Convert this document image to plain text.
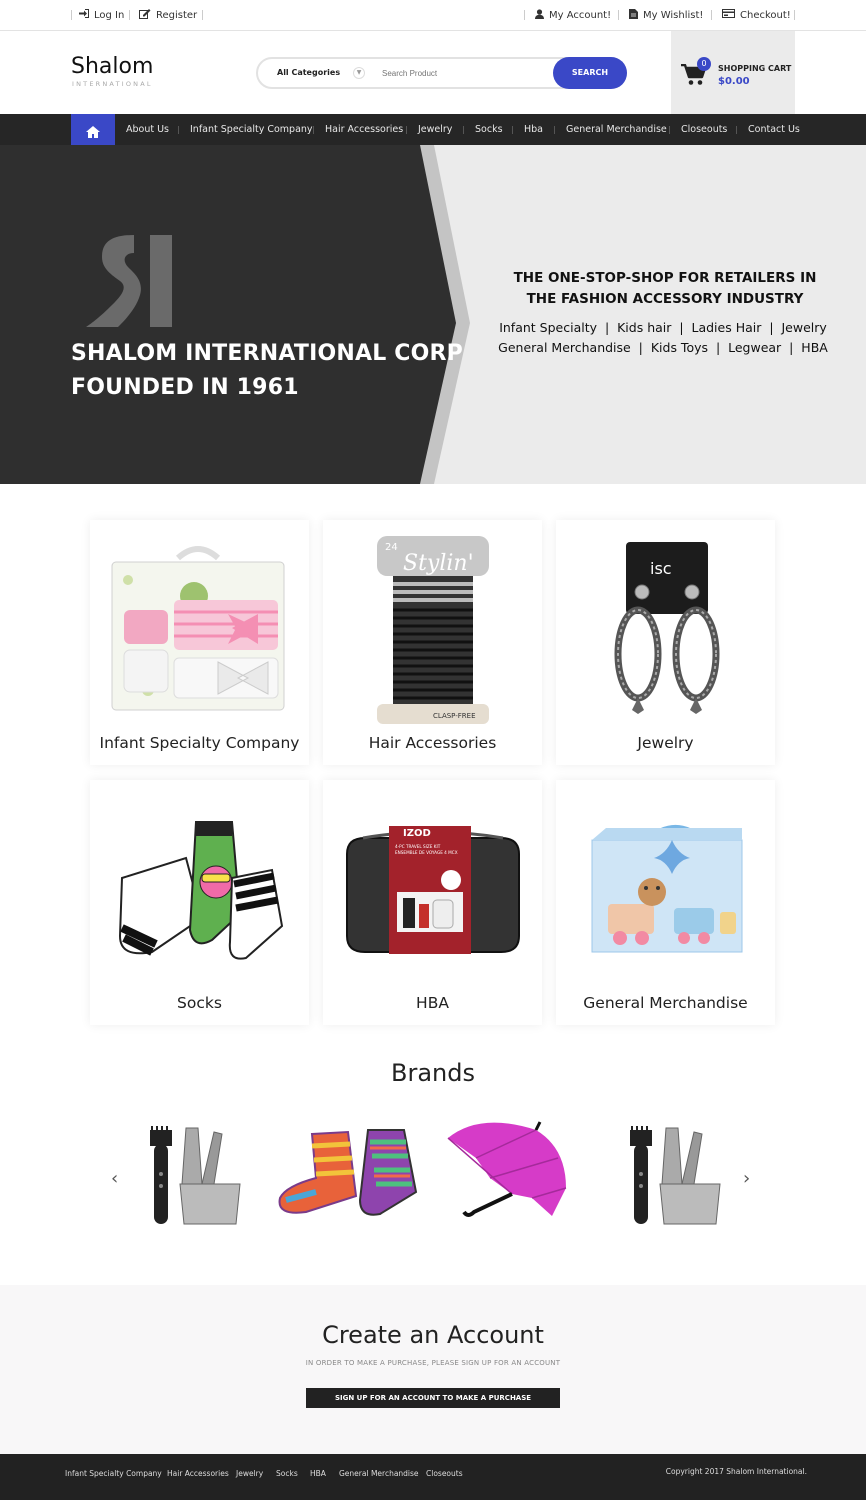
Log In	Register	My Account!	My Wishlist!	Checkout!
Shalom
INTERNATIONAL
All Categories	▼
Search Product	SEARCH
0
SHOPPING CART
$0.00
About Us Infant Specialty Company Hair Accessories Jewelry Socks Hba General Merchandise Closeouts Contact Us
SHALOM INTERNATIONAL CORP
FOUNDED IN 1961
THE ONE-STOP-SHOP FOR RETAILERS IN
THE FASHION ACCESSORY INDUSTRY
Infant Specialty  |  Kids hair  |  Ladies Hair  |  Jewelry
General Merchandise  |  Kids Toys  |  Legwear  |  HBA
Infant Specialty Company
24
Stylin'
CLASP-FREE
Hair Accessories
isc
Jewelry
Socks
IZOD
4-PC TRAVEL SIZE KIT
ENSEMBLE DE VOYAGE 4 MCX
HBA	General Merchandise
Brands
‹	›
Create an Account
IN ORDER TO MAKE A PURCHASE, PLEASE SIGN UP FOR AN ACCOUNT
SIGN UP FOR AN ACCOUNT TO MAKE A PURCHASE
Infant Specialty Company Hair Accessories Jewelry Socks HBA General Merchandise Closeouts	Copyright 2017 Shalom International.
